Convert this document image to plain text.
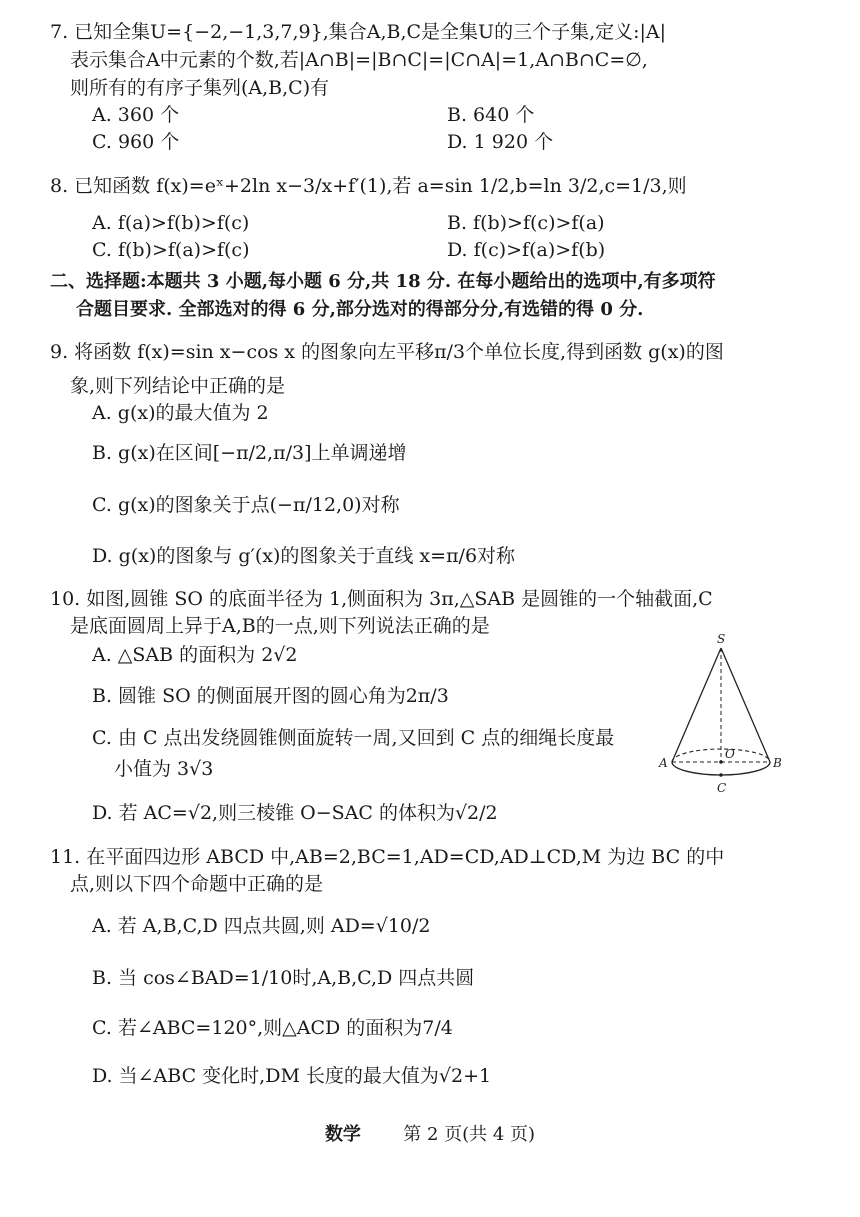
7. 已知全集U={−2,−1,3,7,9},集合A,B,C是全集U的三个子集,定义:|A|
表示集合A中元素的个数,若|A∩B|=|B∩C|=|C∩A|=1,A∩B∩C=∅,
则所有的有序子集列(A,B,C)有
A. 360 个	B. 640 个
C. 960 个	D. 1 920 个
8. 已知函数 f(x)=eˣ+2ln x−3/x+f′(1),若 a=sin 1/2,b=ln 3/2,c=1/3,则
A. f(a)>f(b)>f(c)	B. f(b)>f(c)>f(a)
C. f(b)>f(a)>f(c)	D. f(c)>f(a)>f(b)
二、选择题:本题共 3 小题,每小题 6 分,共 18 分. 在每小题给出的选项中,有多项符
合题目要求. 全部选对的得 6 分,部分选对的得部分分,有选错的得 0 分.
9. 将函数 f(x)=sin x−cos x 的图象向左平移π/3个单位长度,得到函数 g(x)的图
象,则下列结论中正确的是
A. g(x)的最大值为 2
B. g(x)在区间[−π/2,π/3]上单调递增
C. g(x)的图象关于点(−π/12,0)对称
D. g(x)的图象与 g′(x)的图象关于直线 x=π/6对称
10. 如图,圆锥 SO 的底面半径为 1,侧面积为 3π,△SAB 是圆锥的一个轴截面,C
是底面圆周上异于A,B的一点,则下列说法正确的是
A. △SAB 的面积为 2√2
B. 圆锥 SO 的侧面展开图的圆心角为2π/3
C. 由 C 点出发绕圆锥侧面旋转一周,又回到 C 点的细绳长度最
小值为 3√3
D. 若 AC=√2,则三棱锥 O−SAC 的体积为√2/2
S
O
A	B
C
11. 在平面四边形 ABCD 中,AB=2,BC=1,AD=CD,AD⊥CD,M 为边 BC 的中
点,则以下四个命题中正确的是
A. 若 A,B,C,D 四点共圆,则 AD=√10/2
B. 当 cos∠BAD=1/10时,A,B,C,D 四点共圆
C. 若∠ABC=120°,则△ACD 的面积为7/4
D. 当∠ABC 变化时,DM 长度的最大值为√2+1
数学 第 2 页(共 4 页)
